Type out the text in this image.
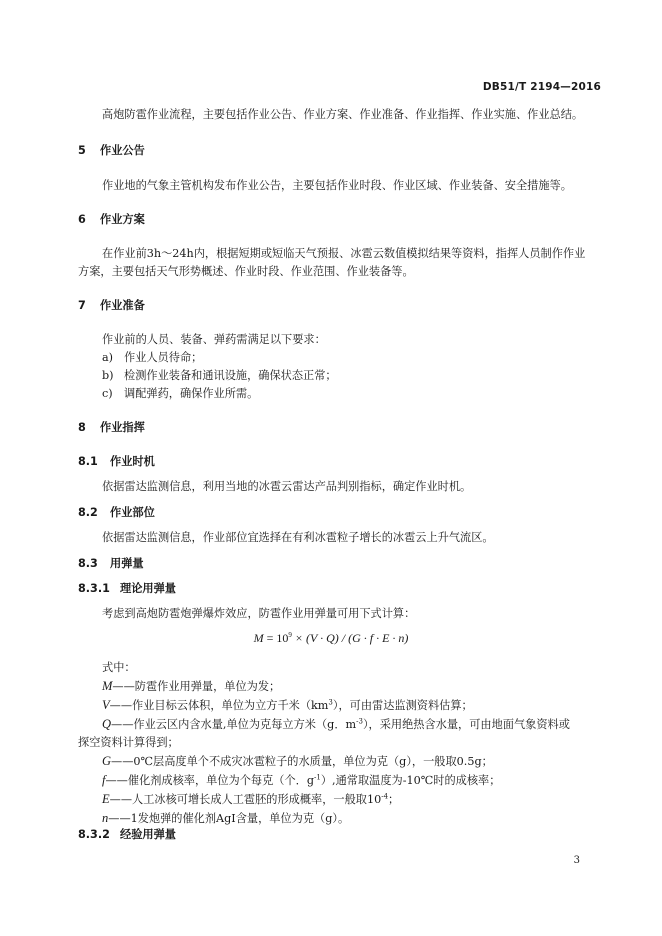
DB51/T 2194—2016
高炮防雹作业流程，主要包括作业公告、作业方案、作业准备、作业指挥、作业实施、作业总结。
5 作业公告
作业地的气象主管机构发布作业公告，主要包括作业时段、作业区域、作业装备、安全措施等。
6 作业方案
在作业前3h～24h内，根据短期或短临天气预报、冰雹云数值模拟结果等资料，指挥人员制作作业
方案，主要包括天气形势概述、作业时段、作业范围、作业装备等。
7 作业准备
作业前的人员、装备、弹药需满足以下要求：
a) 作业人员待命；
b) 检测作业装备和通讯设施，确保状态正常；
c) 调配弹药，确保作业所需。
8 作业指挥
8.1 作业时机
依据雷达监测信息，利用当地的冰雹云雷达产品判别指标，确定作业时机。
8.2 作业部位
依据雷达监测信息，作业部位宜选择在有利冰雹粒子增长的冰雹云上升气流区。
8.3 用弹量
8.3.1 理论用弹量
考虑到高炮防雹炮弹爆炸效应，防雹作业用弹量可用下式计算：
$M = 10^9 \times (V \cdot Q) / (G \cdot f \cdot E \cdot n)$
式中：
M——防雹作业用弹量，单位为发；
V——作业目标云体积，单位为立方千米$(km^3)$，可由雷达监测资料估算；
Q——作业云区内含水量,单位为克每立方米（g．$m^{-3}$），采用绝热含水量，可由地面气象资料或
探空资料计算得到；
G——0℃层高度单个不成灾冰雹粒子的水质量，单位为克（g），一般取0.5g；
f——催化剂成核率，单位为个每克（个．$g^{-1}$）,通常取温度为-10℃时的成核率；
E——人工冰核可增长成人工雹胚的形成概率，一般取$10^{-4}$；
n——1发炮弹的催化剂AgI含量，单位为克（g）。
8.3.2 经验用弹量
3
